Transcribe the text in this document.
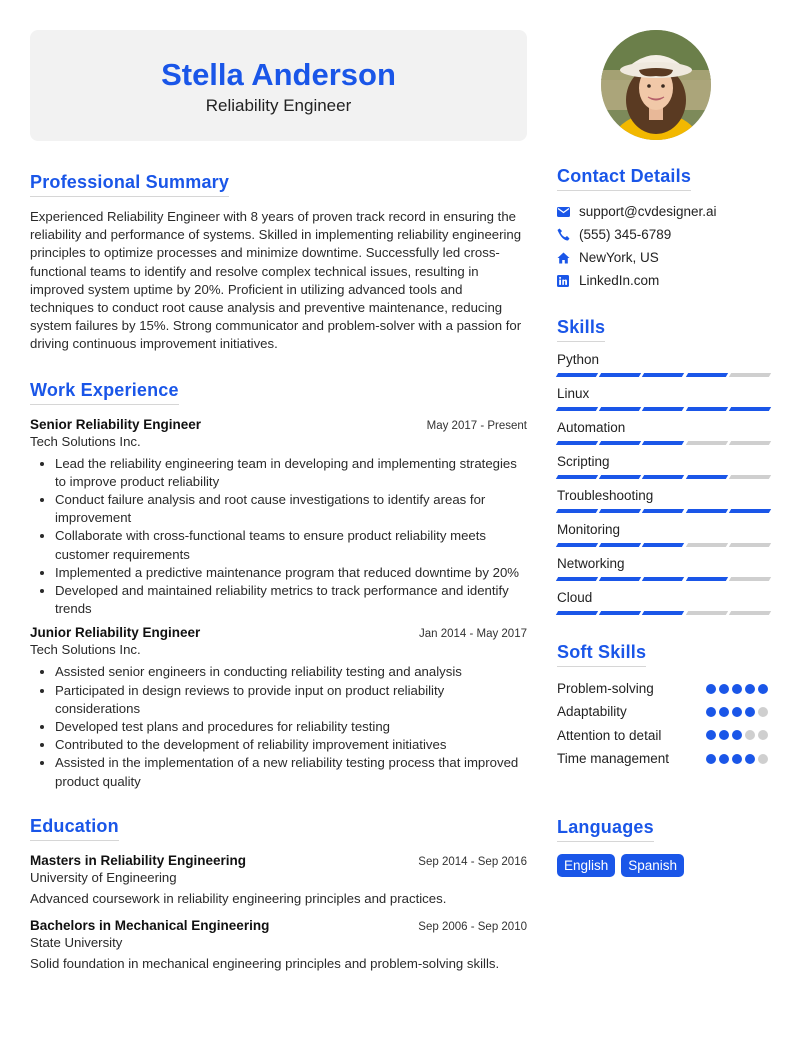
Stella Anderson
Reliability Engineer
Professional Summary

Experienced Reliability Engineer with 8 years of proven track record in ensuring the reliability and performance of systems. Skilled in implementing reliability engineering principles to optimize processes and minimize downtime. Successfully led cross-functional teams to identify and resolve complex technical issues, resulting in improved system uptime by 20%. Proficient in utilizing advanced tools and techniques to conduct root cause analysis and preventive maintenance, reducing system failures by 15%. Strong communicator and problem-solver with a passion for driving continuous improvement initiatives.

Work Experience
Senior Reliability Engineer	May 2017 - Present
Tech Solutions Inc.
• Lead the reliability engineering team in developing and implementing strategies to improve product reliability
• Conduct failure analysis and root cause investigations to identify areas for improvement
• Collaborate with cross-functional teams to ensure product reliability meets customer requirements
• Implemented a predictive maintenance program that reduced downtime by 20%
• Developed and maintained reliability metrics to track performance and identify trends
Junior Reliability Engineer	Jan 2014 - May 2017
Tech Solutions Inc.
• Assisted senior engineers in conducting reliability testing and analysis
• Participated in design reviews to provide input on product reliability considerations
• Developed test plans and procedures for reliability testing
• Contributed to the development of reliability improvement initiatives
• Assisted in the implementation of a new reliability testing process that improved product quality
Education
Masters in Reliability Engineering	Sep 2014 - Sep 2016
University of Engineering
Advanced coursework in reliability engineering principles and practices.
Bachelors in Mechanical Engineering	Sep 2006 - Sep 2010
State University
Solid foundation in mechanical engineering principles and problem-solving skills.
Contact Details
support@cvdesigner.ai
(555) 345-6789
NewYork, US
LinkedIn.com
Skills
Python
Linux
Automation
Scripting
Troubleshooting
Monitoring
Networking
Cloud
Soft Skills
Problem-solving
Adaptability
Attention to detail
Time management
Languages
English	Spanish
